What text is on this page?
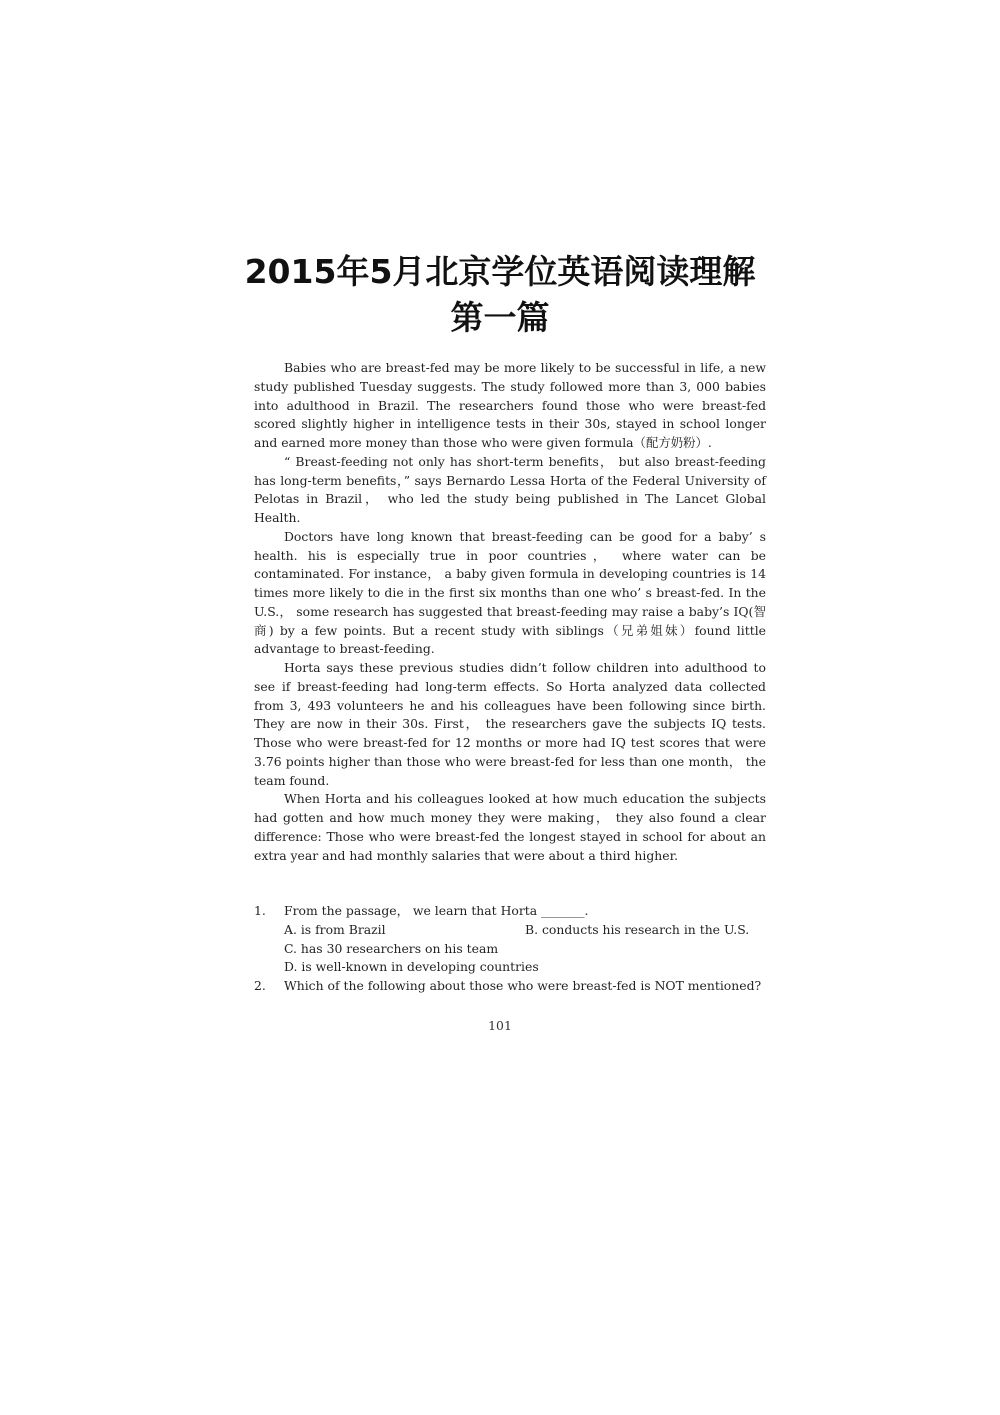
2015年5月北京学位英语阅读理解
第一篇

Babies who are breast-fed may be more likely to be successful in life, a new study published Tuesday suggests. The study followed more than 3, 000 babies into adulthood in Brazil. The researchers found those who were breast-fed scored slightly higher in intelligence tests in their 30s, stayed in school longer and earned more money than those who were given formula（配方奶粉）.

“ Breast-feeding not only has short-term benefits， but also breast-feeding has long-term benefits，” says Bernardo Lessa Horta of the Federal University of Pelotas in Brazil， who led the study being published in The Lancet Global Health.

Doctors have long known that breast-feeding can be good for a baby’ s health. his is especially true in poor countries， where water can be contaminated. For instance， a baby given formula in developing countries is 14 times more likely to die in the first six months than one who’ s breast-fed. In the U.S.， some research has suggested that breast-feeding may raise a baby’s IQ(智商) by a few points. But a recent study with siblings（兄弟姐妹）found little advantage to breast-feeding.

Horta says these previous studies didn’t follow children into adulthood to see if breast-feeding had long-term effects. So Horta analyzed data collected from 3, 493 volunteers he and his colleagues have been following since birth. They are now in their 30s. First， the researchers gave the subjects IQ tests. Those who were breast-fed for 12 months or more had IQ test scores that were 3.76 points higher than those who were breast-fed for less than one month， the team found.

When Horta and his colleagues looked at how much education the subjects had gotten and how much money they were making， they also found a clear difference: Those who were breast-fed the longest stayed in school for about an extra year and had monthly salaries that were about a third higher.

1.	From the passage， we learn that Horta _______.
A. is from Brazil	B. conducts his research in the U.S.
C. has 30 researchers on his team D. is well-known in developing countries
2.	Which of the following about those who were breast-fed is NOT mentioned?
101
